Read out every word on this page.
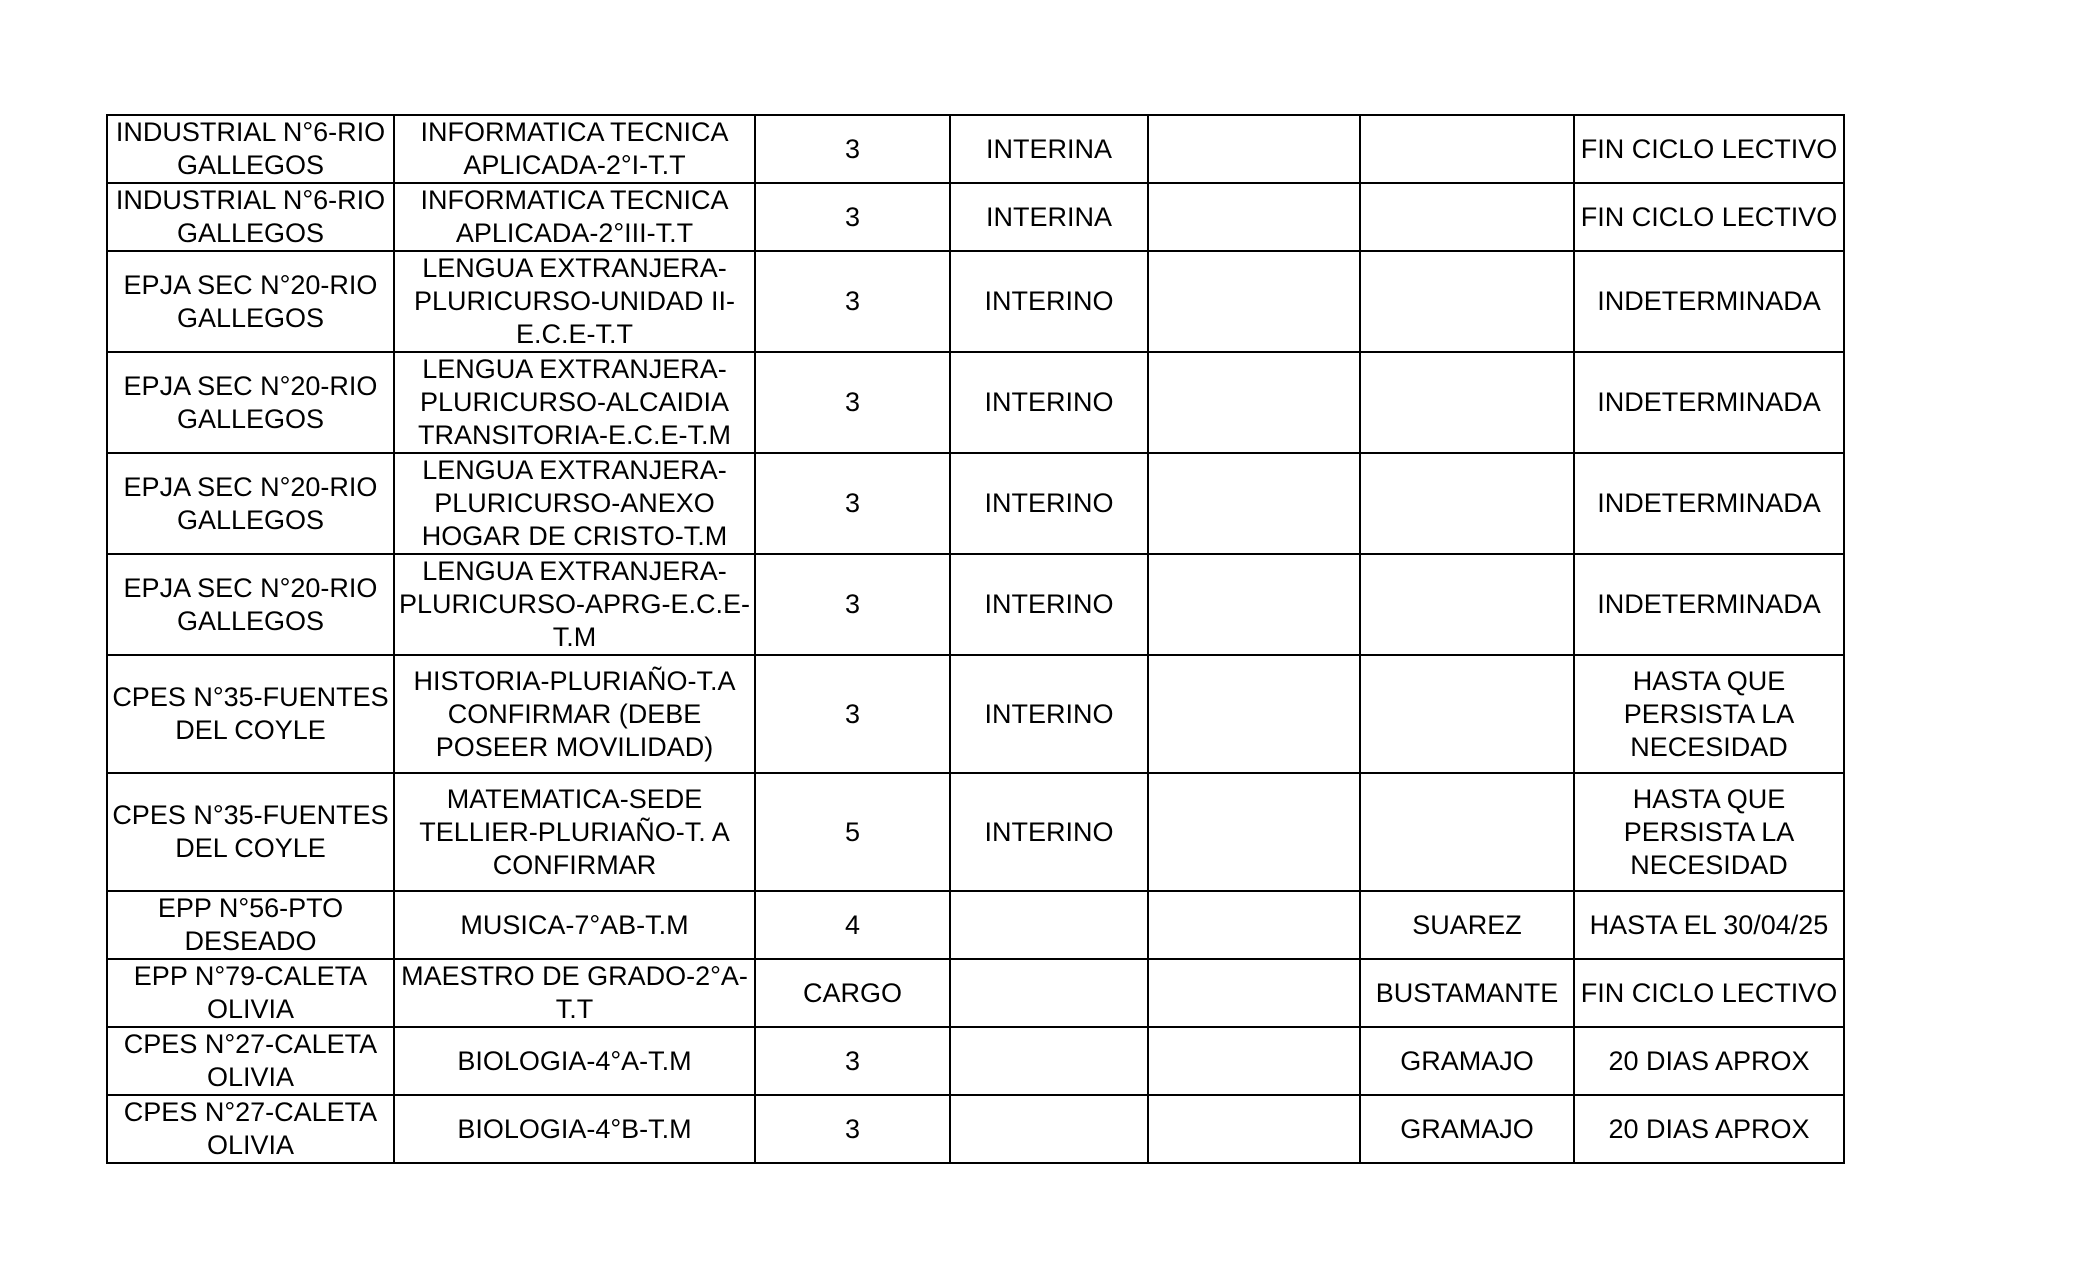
INDUSTRIAL N°6-RIO GALLEGOS	INFORMATICA TECNICA APLICADA-2°I-T.T	3	INTERINA			FIN CICLO LECTIVO
INDUSTRIAL N°6-RIO GALLEGOS	INFORMATICA TECNICA APLICADA-2°III-T.T	3	INTERINA			FIN CICLO LECTIVO
EPJA SEC N°20-RIO GALLEGOS	LENGUA EXTRANJERA-PLURICURSO-UNIDAD II-E.C.E-T.T	3	INTERINO			INDETERMINADA
EPJA SEC N°20-RIO GALLEGOS	LENGUA EXTRANJERA-PLURICURSO-ALCAIDIA TRANSITORIA-E.C.E-T.M	3	INTERINO			INDETERMINADA
EPJA SEC N°20-RIO GALLEGOS	LENGUA EXTRANJERA-PLURICURSO-ANEXO HOGAR DE CRISTO-T.M	3	INTERINO			INDETERMINADA
EPJA SEC N°20-RIO GALLEGOS	LENGUA EXTRANJERA-PLURICURSO-APRG-E.C.E-T.M	3	INTERINO			INDETERMINADA
CPES N°35-FUENTES DEL COYLE	HISTORIA-PLURIAÑO-T.A CONFIRMAR (DEBE POSEER MOVILIDAD)	3	INTERINO			HASTA QUE PERSISTA LA NECESIDAD
CPES N°35-FUENTES DEL COYLE	MATEMATICA-SEDE TELLIER-PLURIAÑO-T. A CONFIRMAR	5	INTERINO			HASTA QUE PERSISTA LA NECESIDAD
EPP N°56-PTO DESEADO	MUSICA-7°AB-T.M	4			SUAREZ	HASTA EL 30/04/25
EPP N°79-CALETA OLIVIA	MAESTRO DE GRADO-2°A-T.T	CARGO			BUSTAMANTE	FIN CICLO LECTIVO
CPES N°27-CALETA OLIVIA	BIOLOGIA-4°A-T.M	3			GRAMAJO	20 DIAS APROX
CPES N°27-CALETA OLIVIA	BIOLOGIA-4°B-T.M	3			GRAMAJO	20 DIAS APROX
